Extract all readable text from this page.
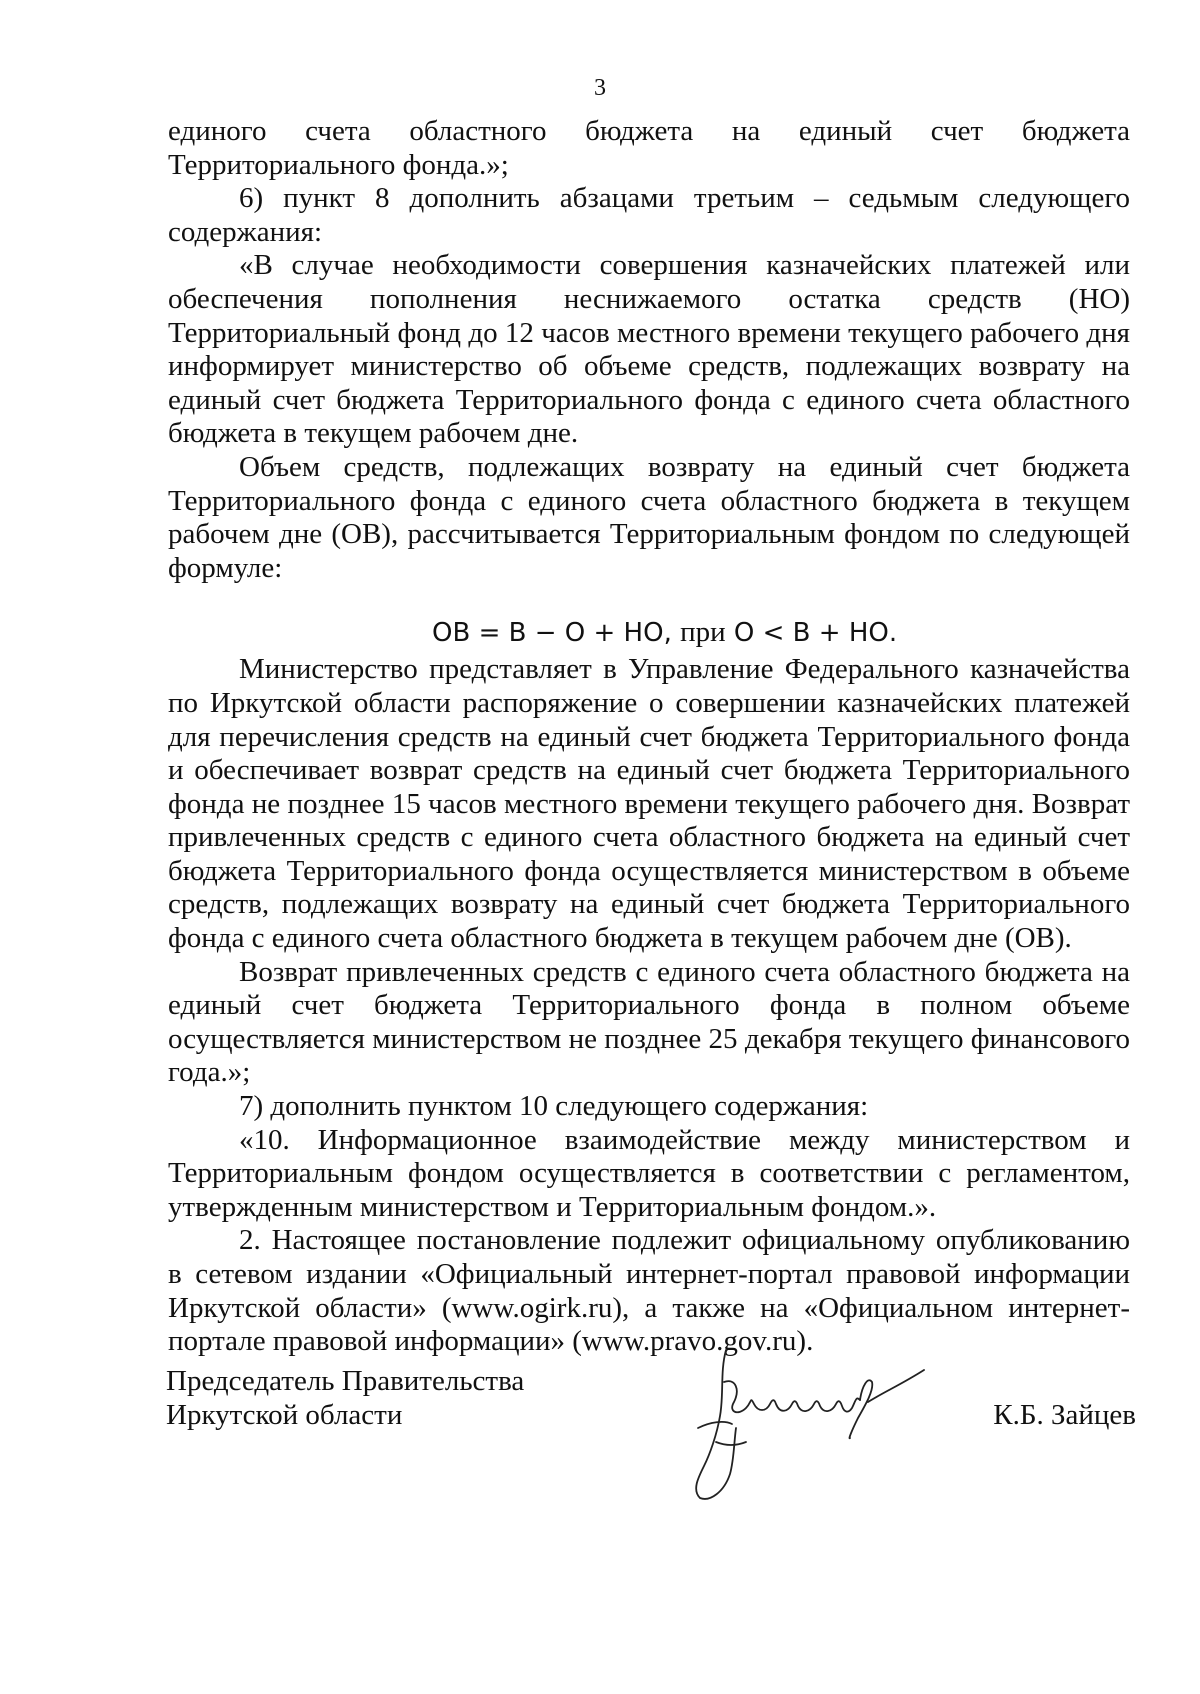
3

единого счета областного бюджета на единый счет бюджета Территориального фонда.»;

6) пункт 8 дополнить абзацами третьим – седьмым следующего содержания:

«В случае необходимости совершения казначейских платежей или обеспечения пополнения неснижаемого остатка средств (НО) Территориальный фонд до 12 часов местного времени текущего рабочего дня информирует министерство об объеме средств, подлежащих возврату на единый счет бюджета Территориального фонда с единого счета областного бюджета в текущем рабочем дне.

Объем средств, подлежащих возврату на единый счет бюджета Территориального фонда с единого счета областного бюджета в текущем рабочем дне (ОВ), рассчитывается Территориальным фондом по следующей формуле:

ОВ = В − О + НО, при О < В + НО.

Министерство представляет в Управление Федерального казначейства по Иркутской области распоряжение о совершении казначейских платежей для перечисления средств на единый счет бюджета Территориального фонда и обеспечивает возврат средств на единый счет бюджета Территориального фонда не позднее 15 часов местного времени текущего рабочего дня. Возврат привлеченных средств с единого счета областного бюджета на единый счет бюджета Территориального фонда осуществляется министерством в объеме средств, подлежащих возврату на единый счет бюджета Территориального фонда с единого счета областного бюджета в текущем рабочем дне (ОВ).

Возврат привлеченных средств с единого счета областного бюджета на единый счет бюджета Территориального фонда в полном объеме осуществляется министерством не позднее 25 декабря текущего финансового года.»;

7) дополнить пунктом 10 следующего содержания:

«10. Информационное взаимодействие между министерством и Территориальным фондом осуществляется в соответствии с регламентом, утвержденным министерством и Территориальным фондом.».

2. Настоящее постановление подлежит официальному опубликованию в сетевом издании «Официальный интернет-портал правовой информации Иркутской области» (www.ogirk.ru), а также на «Официальном интернет-портале правовой информации» (www.pravo.gov.ru).

Председатель Правительства
Иркутской области	К.Б. Зайцев
